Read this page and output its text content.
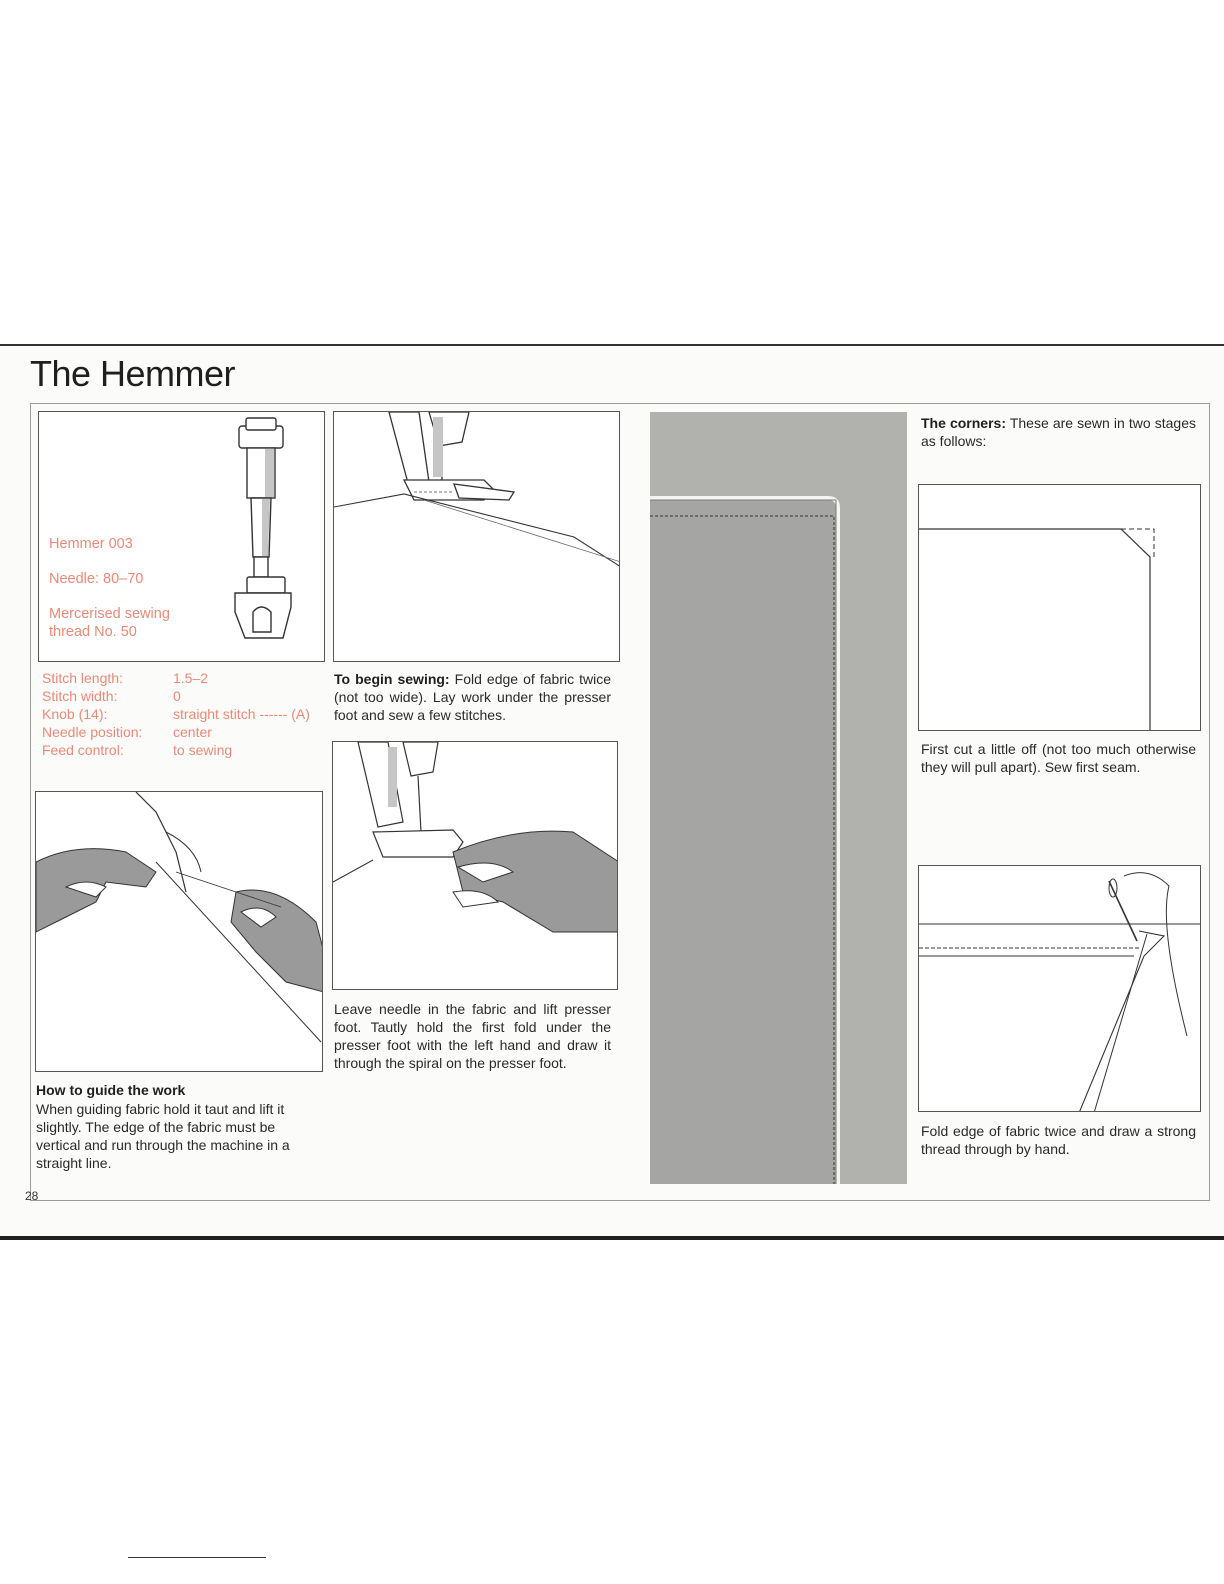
The Hemmer
Hemmer 003
Needle: 80–70
Mercerised sewing
thread No. 50
Stitch length:	1.5–2
Stitch width:	0
Knob (14):	straight stitch ------ (A)
Needle position: center
Feed control:	to sewing

To begin sewing: Fold edge of fabric twice (not too wide). Lay work under the presser foot and sew a few stitches.

How to guide the work

When guiding fabric hold it taut and lift it slightly. The edge of the fabric must be vertical and run through the machine in a straight line.

Leave needle in the fabric and lift presser foot. Tautly hold the first fold under the presser foot with the left hand and draw it through the spiral on the presser foot.

The corners: These are sewn in two stages as follows:

First cut a little off (not too much otherwise they will pull apart). Sew first seam.

Fold edge of fabric twice and draw a strong thread through by hand.

28
